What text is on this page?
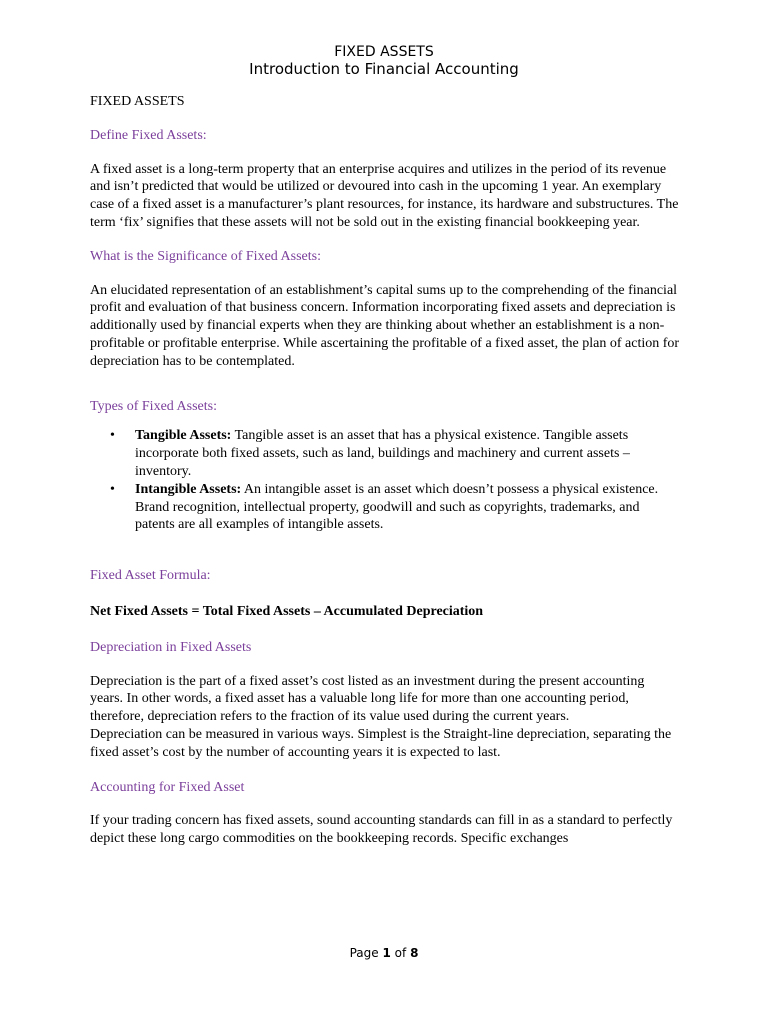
FIXED ASSETS
Introduction to Financial Accounting

FIXED ASSETS

Define Fixed Assets:

A fixed asset is a long-term property that an enterprise acquires and utilizes in the period of its revenue and isn’t predicted that would be utilized or devoured into cash in the upcoming 1 year. An exemplary case of a fixed asset is a manufacturer’s plant resources, for instance, its hardware and substructures. The term ‘fix’ signifies that these assets will not be sold out in the existing financial bookkeeping year.

What is the Significance of Fixed Assets:

An elucidated representation of an establishment’s capital sums up to the comprehending of the financial profit and evaluation of that business concern. Information incorporating fixed assets and depreciation is additionally used by financial experts when they are thinking about whether an establishment is a non-profitable or profitable enterprise. While ascertaining the profitable of a fixed asset, the plan of action for depreciation has to be contemplated.

Types of Fixed Assets:

• Tangible Assets: Tangible asset is an asset that has a physical existence. Tangible assets incorporate both fixed assets, such as land, buildings and machinery and current assets – inventory.
• Intangible Assets: An intangible asset is an asset which doesn’t possess a physical existence. Brand recognition, intellectual property, goodwill and such as copyrights, trademarks, and patents are all examples of intangible assets.

Fixed Asset Formula:

Net Fixed Assets = Total Fixed Assets – Accumulated Depreciation

Depreciation in Fixed Assets

Depreciation is the part of a fixed asset’s cost listed as an investment during the present accounting years. In other words, a fixed asset has a valuable long life for more than one accounting period, therefore, depreciation refers to the fraction of its value used during the current years.

Depreciation can be measured in various ways. Simplest is the Straight-line depreciation, separating the fixed asset’s cost by the number of accounting years it is expected to last.

Accounting for Fixed Asset

If your trading concern has fixed assets, sound accounting standards can fill in as a standard to perfectly depict these long cargo commodities on the bookkeeping records. Specific exchanges

Page 1 of 8
